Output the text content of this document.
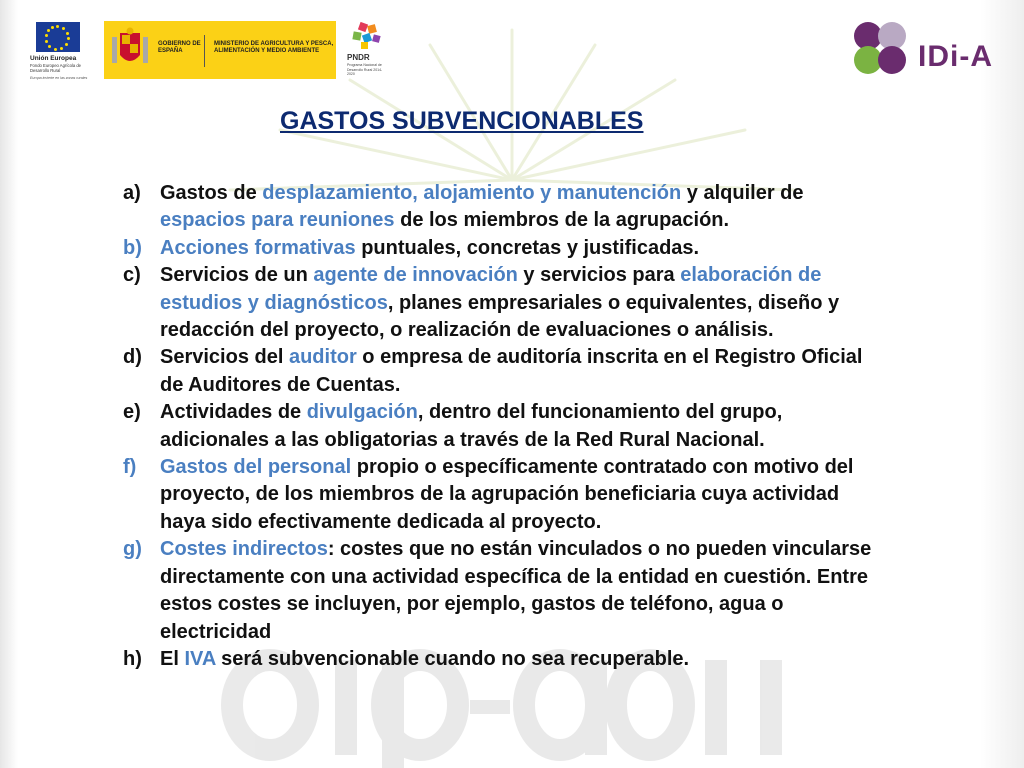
Unión Europea
Fondo Europeo Agrícola de Desarrollo Rural
Europa invierte en las zonas rurales
GOBIERNO DE ESPAÑA
MINISTERIO DE AGRICULTURA Y PESCA, ALIMENTACIÓN Y MEDIO AMBIENTE
PNDR
Programa Nacional de Desarrollo Rural 2014-2020
IDi-A
GASTOS SUBVENCIONABLES
a) Gastos de desplazamiento, alojamiento y manutención y alquiler de
espacios para reuniones de los miembros de la agrupación.
b) Acciones formativas puntuales, concretas y justificadas.
c) Servicios de un agente de innovación y servicios para elaboración de
estudios y diagnósticos, planes empresariales o equivalentes, diseño y
redacción del proyecto, o realización de evaluaciones o análisis.
d) Servicios del auditor o empresa de auditoría inscrita en el Registro Oficial
de Auditores de Cuentas.
e) Actividades de divulgación, dentro del funcionamiento del grupo,
adicionales a las obligatorias a través de la Red Rural Nacional.
f) Gastos del personal propio o específicamente contratado con motivo del
proyecto, de los miembros de la agrupación beneficiaria cuya actividad
haya sido efectivamente dedicada al proyecto.
g) Costes indirectos: costes que no están vinculados o no pueden vincularse
directamente con una actividad específica de la entidad en cuestión. Entre
estos costes se incluyen, por ejemplo, gastos de teléfono, agua o
electricidad
h) El IVA será subvencionable cuando no sea recuperable.
